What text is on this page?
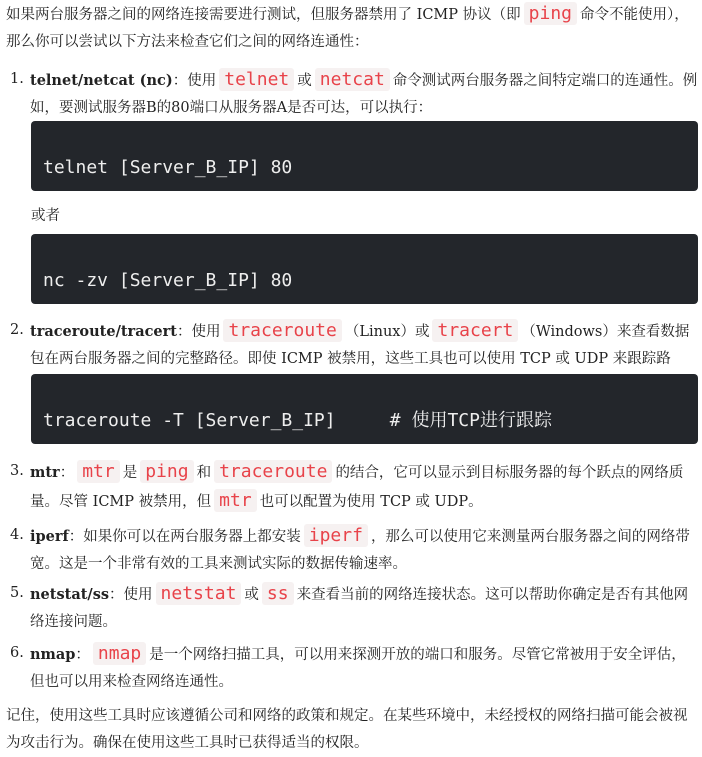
如果两台服务器之间的网络连接需要进行测试，但服务器禁用了 ICMP 协议（即 ping 命令不能使用），那么你可以尝试以下方法来检查它们之间的网络连通性：

1. telnet/netcat (nc)：使用 telnet 或 netcat 命令测试两台服务器之间特定端口的连通性。例如，要测试服务器B的80端口从服务器A是否可达，可以执行：

telnet [Server_B_IP] 80
或者
nc -zv [Server_B_IP] 80
2. traceroute/tracert：使用 traceroute （Linux）或 tracert （Windows）来查看数据包在两台服务器之间的完整路径。即使 ICMP 被禁用，这些工具也可以使用 TCP 或 UDP 来跟踪路

traceroute -T [Server_B_IP]     # 使用TCP进行跟踪
3. mtr： mtr 是 ping 和 traceroute 的结合，它可以显示到目标服务器的每个跃点的网络质量。尽管 ICMP 被禁用，但 mtr 也可以配置为使用 TCP 或 UDP。

4. iperf：如果你可以在两台服务器上都安装 iperf ，那么可以使用它来测量两台服务器之间的网络带宽。这是一个非常有效的工具来测试实际的数据传输速率。

5. netstat/ss：使用 netstat 或 ss 来查看当前的网络连接状态。这可以帮助你确定是否有其他网络连接问题。

6. nmap： nmap 是一个网络扫描工具，可以用来探测开放的端口和服务。尽管它常被用于安全评估，但也可以用来检查网络连通性。

记住，使用这些工具时应该遵循公司和网络的政策和规定。在某些环境中，未经授权的网络扫描可能会被视为攻击行为。确保在使用这些工具时已获得适当的权限。
